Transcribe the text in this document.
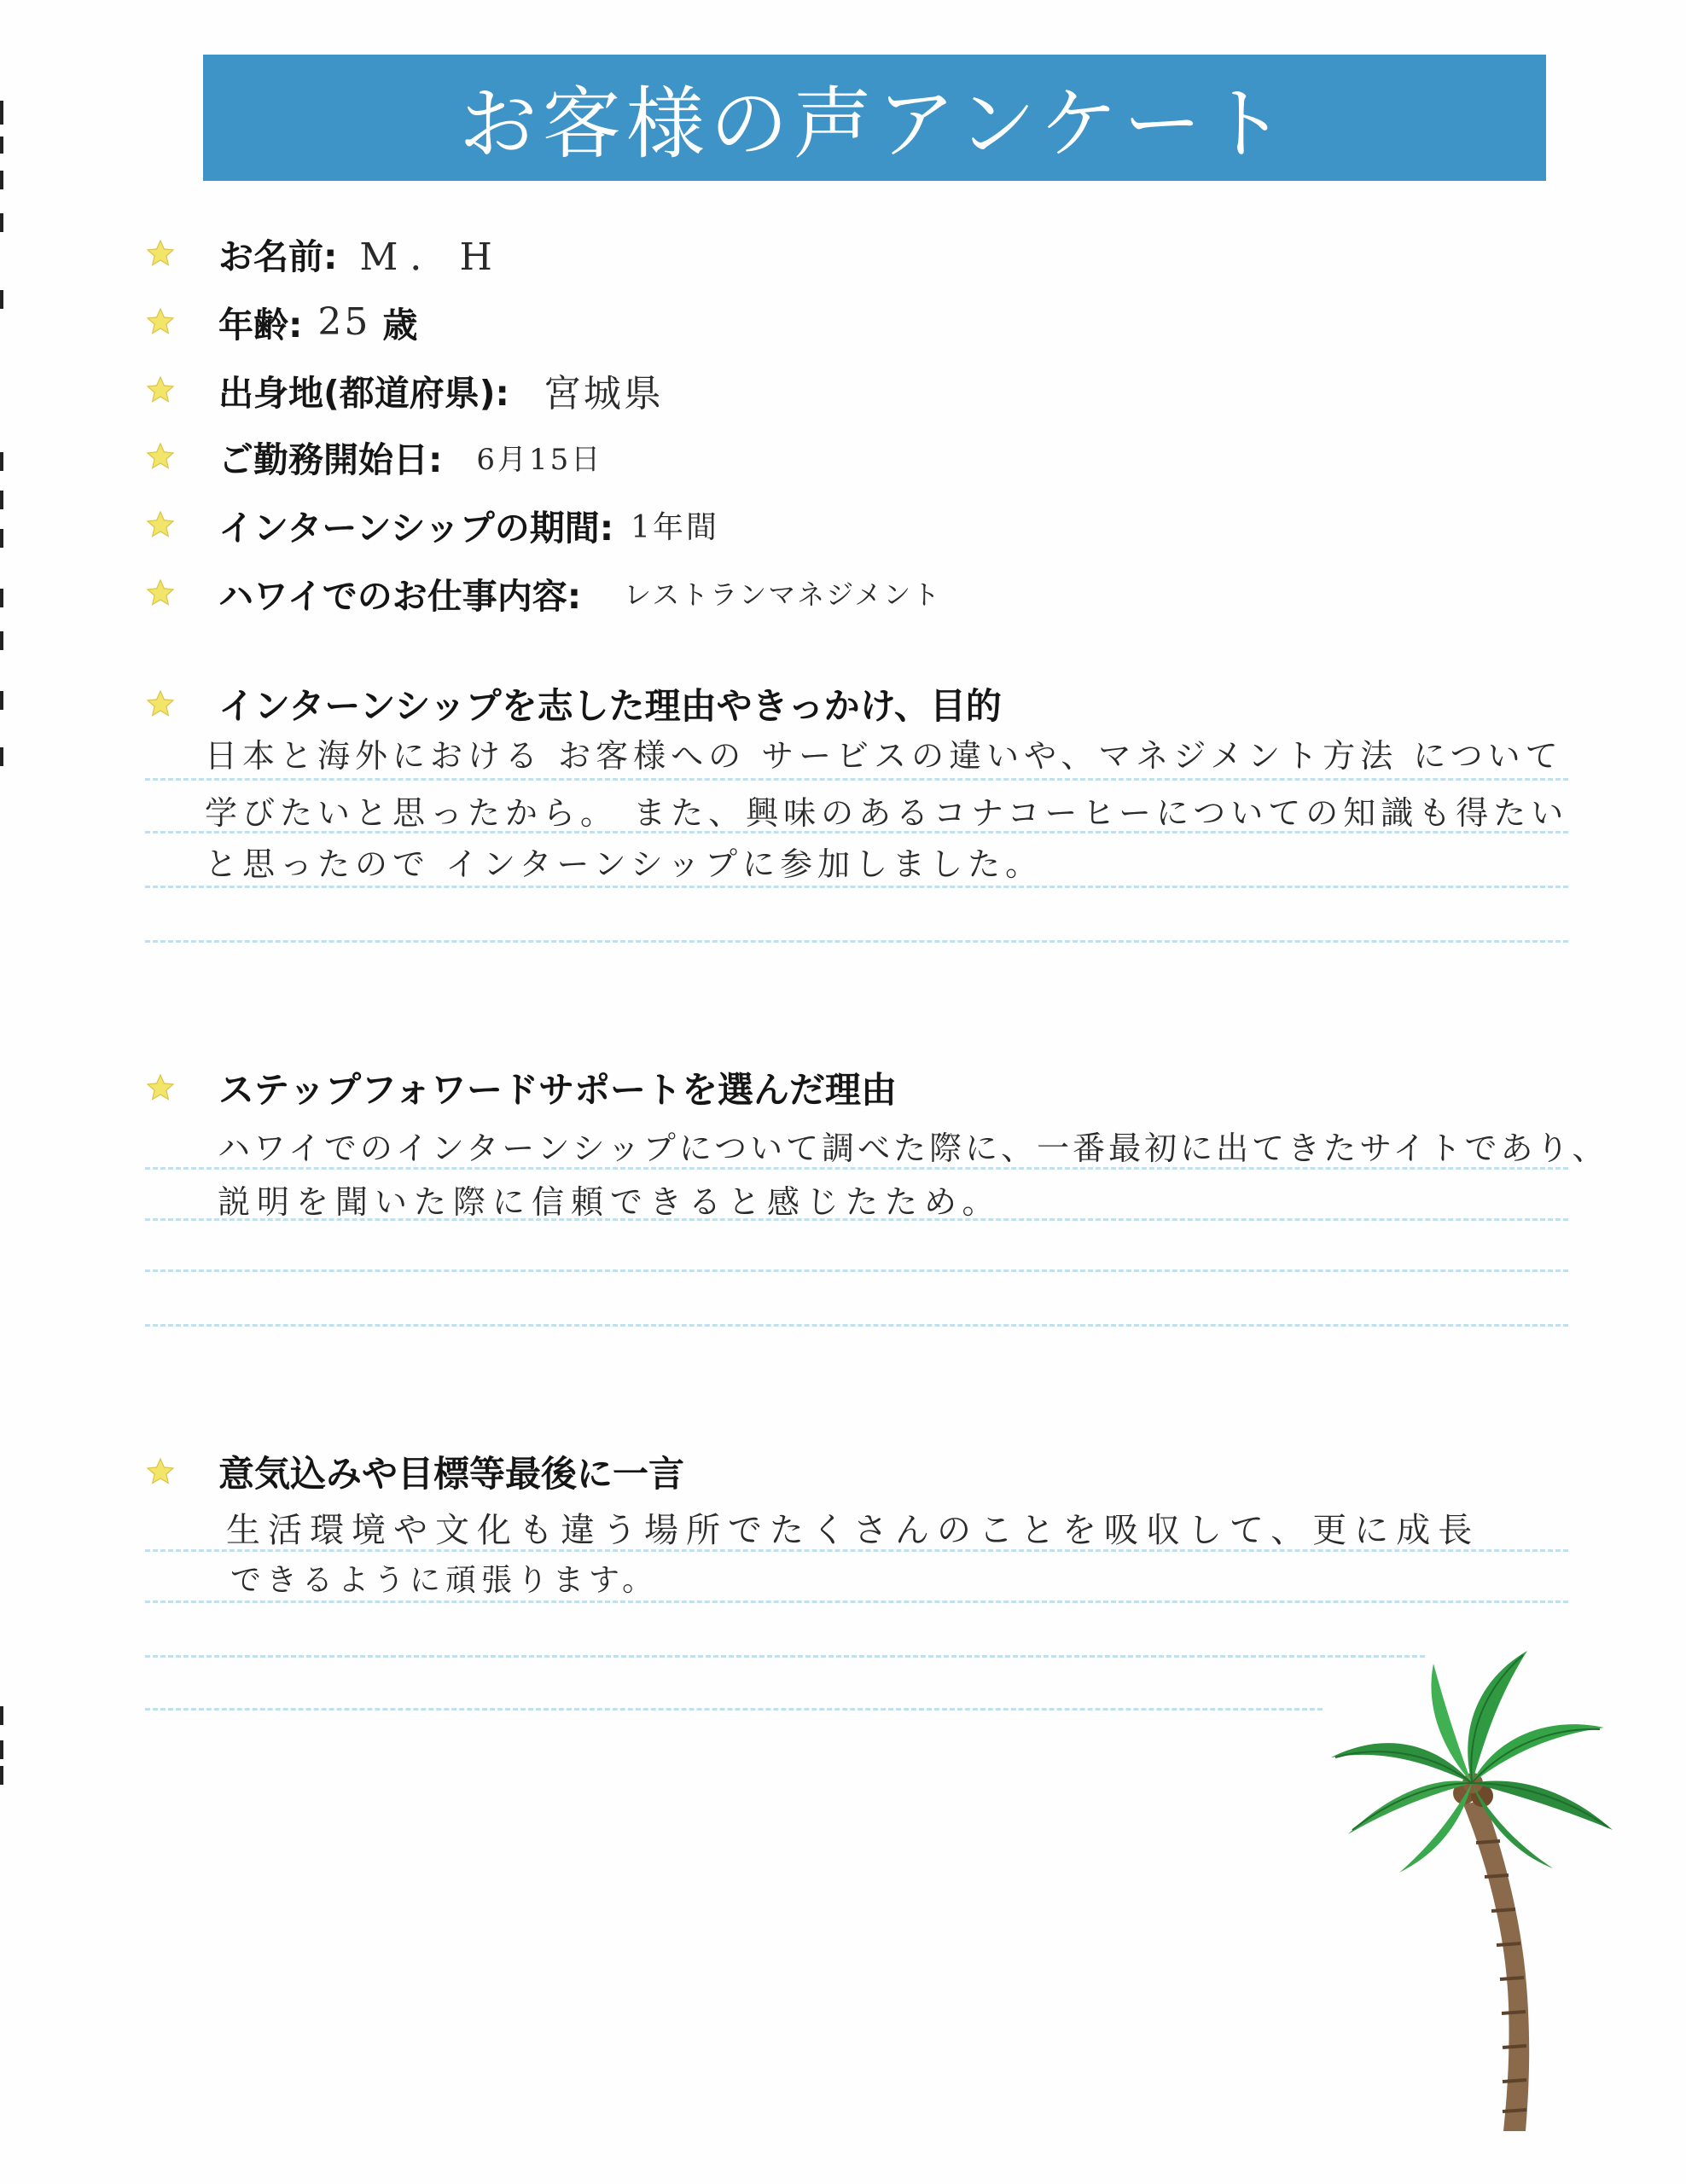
お客様の声アンケート
お名前: M．H
年齢: 25 歳
出身地(都道府県): 宮城県
ご勤務開始日: 6月15日
インターンシップの期間: 1年間
ハワイでのお仕事内容: レストランマネジメント
インターンシップを志した理由やきっかけ、目的
日本と海外における お客様への サービスの違いや、マネジメント方法 について
学びたいと思ったから。 また、興味のあるコナコーヒーについての知識も得たい
と思ったので インターンシップに参加しました。
ステップフォワードサポートを選んだ理由
ハワイでのインターンシップについて調べた際に、一番最初に出てきたサイトであり、
説明を聞いた際に信頼できると感じたため。
意気込みや目標等最後に一言
生活環境や文化も違う場所でたくさんのことを吸収して、更に成長
できるように頑張ります。
